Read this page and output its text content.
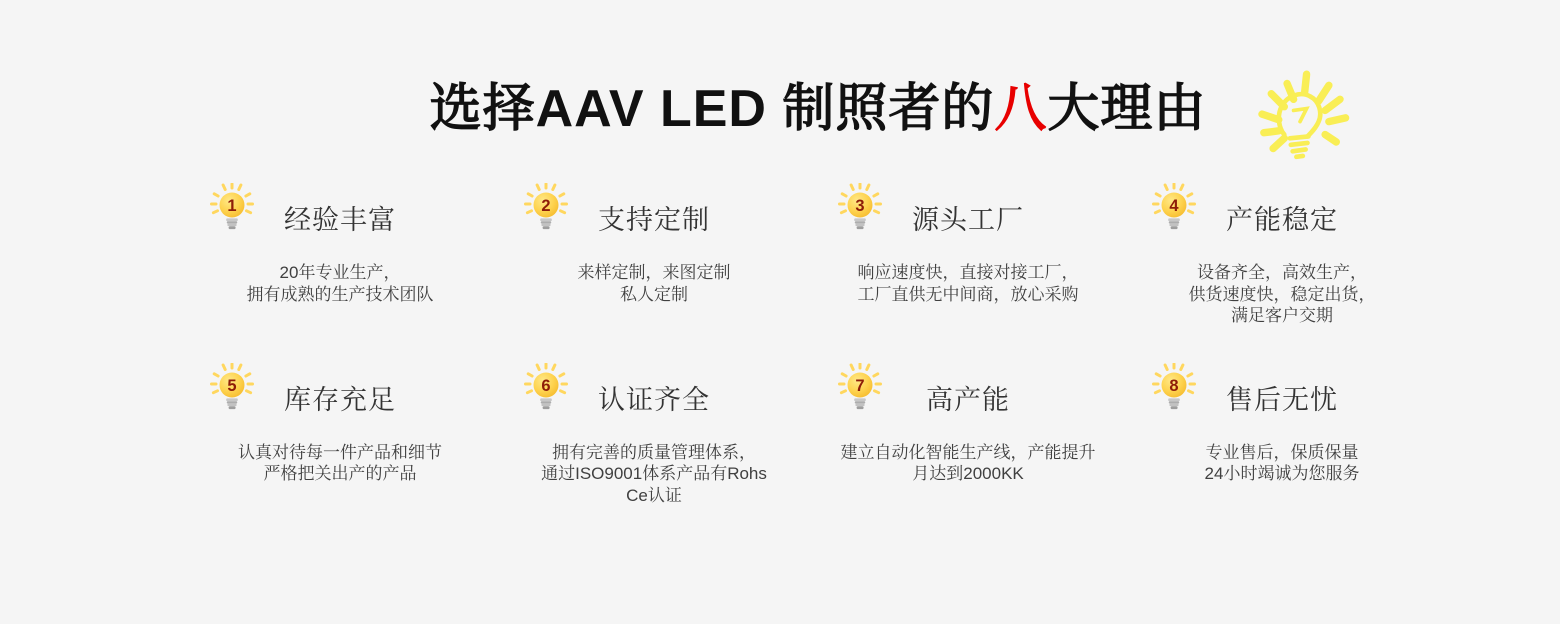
选择AAV LED 制照者的八大理由
1	经验丰富
20年专业生产，
拥有成熟的生产技术团队
2	支持定制
来样定制，来图定制
私人定制
3	源头工厂
响应速度快，直接对接工厂，
工厂直供无中间商，放心采购
4	产能稳定
设备齐全，高效生产，
供货速度快，稳定出货，
满足客户交期
5	库存充足
认真对待每一件产品和细节
严格把关出产的产品
6	认证齐全
拥有完善的质量管理体系，
通过ISO9001体系产品有Rohs
Ce认证
7	高产能
建立自动化智能生产线，产能提升
月达到2000KK
8	售后无忧
专业售后，保质保量
24小时竭诚为您服务
